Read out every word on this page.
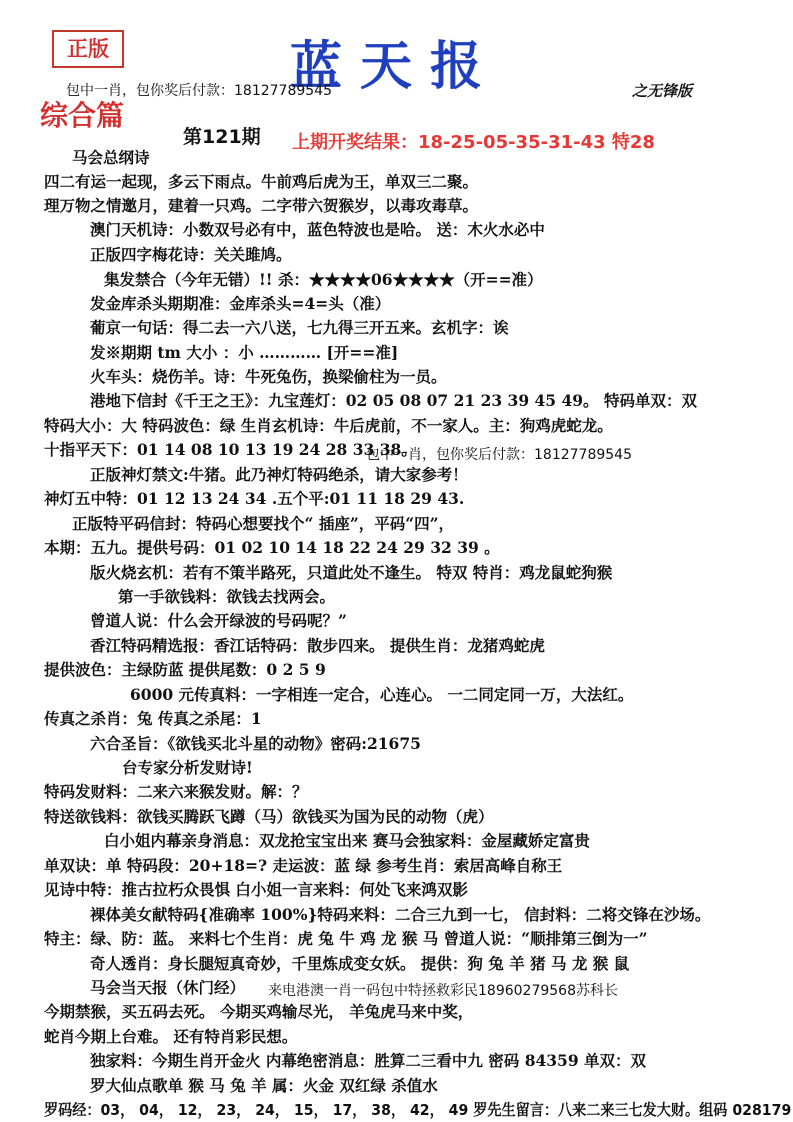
正版	蓝天报
包中一肖，包你奖后付款：18127789545	之无锋版
综合篇
第121期 上期开奖结果：18-25-05-35-31-43 特28
马会总纲诗
四二有运一起现，多云下雨点。牛前鸡后虎为王，单双三二聚。
理万物之情邀月，建着一只鸡。二字带六贺猴岁，以毒攻毒草。
澳门天机诗：小数双号必有中，蓝色特波也是哈。 送：木火水必中
正版四字梅花诗：关关雎鸠。
集发禁合（今年无错）!! 杀：★★★★06★★★★（开==准）
发金库杀头期期准：金库杀头=4=头（准）
葡京一句话：得二去一六八送，七九得三开五来。玄机字：诶
发※期期 tm 大小 ：小 ………… [开==准]
火车头：烧伤羊。诗：牛死兔伤，换梁偷柱为一员。
港地下信封《千王之王》：九宝莲灯：02 05 08 07 21 23 39 45 49。 特码单双：双
特码大小：大 特码波色：绿 生肖玄机诗：牛后虎前，不一家人。主：狗鸡虎蛇龙。
十指平天下：01 14 08 10 13 19 24 28 33 38。
包中一肖，包你奖后付款：18127789545
正版神灯禁文:牛猪。此乃神灯特码绝杀，请大家参考！
神灯五中特：01 12 13 24 34 .五个平:01 11 18 29 43.
正版特平码信封：特码心想要找个“ 插座”，平码“四”，
本期：五九。提供号码：01 02 10 14 18 22 24 29 32 39 。
版火烧玄机：若有不策半路死，只道此处不逢生。 特双 特肖：鸡龙鼠蛇狗猴
第一手欲钱料：欲钱去找两会。
曾道人说：什么会开绿波的号码呢？”
香江特码精选报：香江话特码：散步四来。 提供生肖：龙猪鸡蛇虎
提供波色：主绿防蓝 提供尾数：0 2 5 9
6000 元传真料：一字相连一定合，心连心。 一二同定同一万，大法红。
传真之杀肖：兔 传真之杀尾：1
六合圣旨：《欲钱买北斗星的动物》密码:21675
台专家分析发财诗!
特码发财料：二来六来猴发财。解：？
特送欲钱料：欲钱买腾跃飞蹲（马）欲钱买为国为民的动物（虎）
白小姐内幕亲身消息：双龙抢宝宝出来 赛马会独家料：金屋藏娇定富贵
单双诀：单 特码段：20+18=? 走运波：蓝 绿 参考生肖：索居高峰自称王
见诗中特：推古拉朽众畏惧 白小姐一言来料：何处飞来鸿双影
裸体美女献特码{准确率 100%}特码来料：二合三九到一七， 信封料：二将交锋在沙场。
特主：绿、防：蓝。 来料七个生肖：虎 兔 牛 鸡 龙 猴 马 曾道人说：“顺排第三倒为一”
奇人透肖：身长腿短真奇妙，千里炼成变女妖。 提供：狗 兔 羊 猪 马 龙 猴 鼠
马会当天报（休门经） 来电港澳一肖一码包中特拯救彩民18960279568苏科长
今期禁猴，买五码去死。 今期买鸡输尽光， 羊兔虎马来中奖，
蛇肖今期上台难。 还有特肖彩民想。
独家料：今期生肖开金火 内幕绝密消息：胜算二三看中九 密码 84359 单双：双
罗大仙点歌单 猴 马 兔 羊 属：火金 双红绿 杀值水
罗码经：03， 04， 12， 23， 24， 15， 17， 38， 42， 49 罗先生留言：八来二来三七发大财。组码 028179
